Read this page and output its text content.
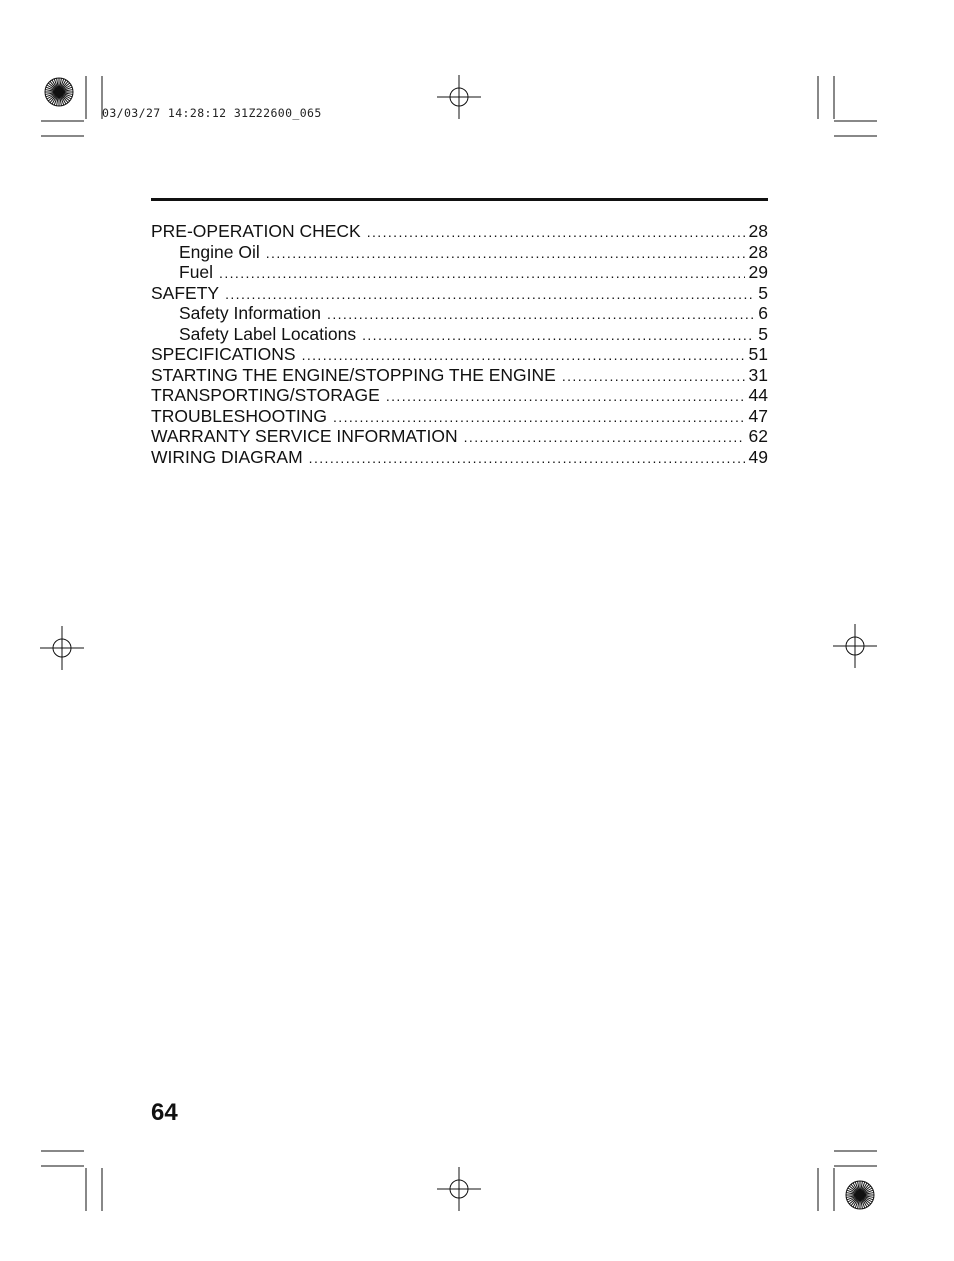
03/03/27 14:28:12 31Z22600_065
PRE-OPERATION CHECK .....	28
Engine Oil .....	28
Fuel .....	29
SAFETY .....	5
Safety Information .....	6
Safety Label Locations .....	5
SPECIFICATIONS .....	51
STARTING THE ENGINE/STOPPING THE ENGINE .....	31
TRANSPORTING/STORAGE .....	44
TROUBLESHOOTING .....	47
WARRANTY SERVICE INFORMATION .....	62
WIRING DIAGRAM .....	49
64
